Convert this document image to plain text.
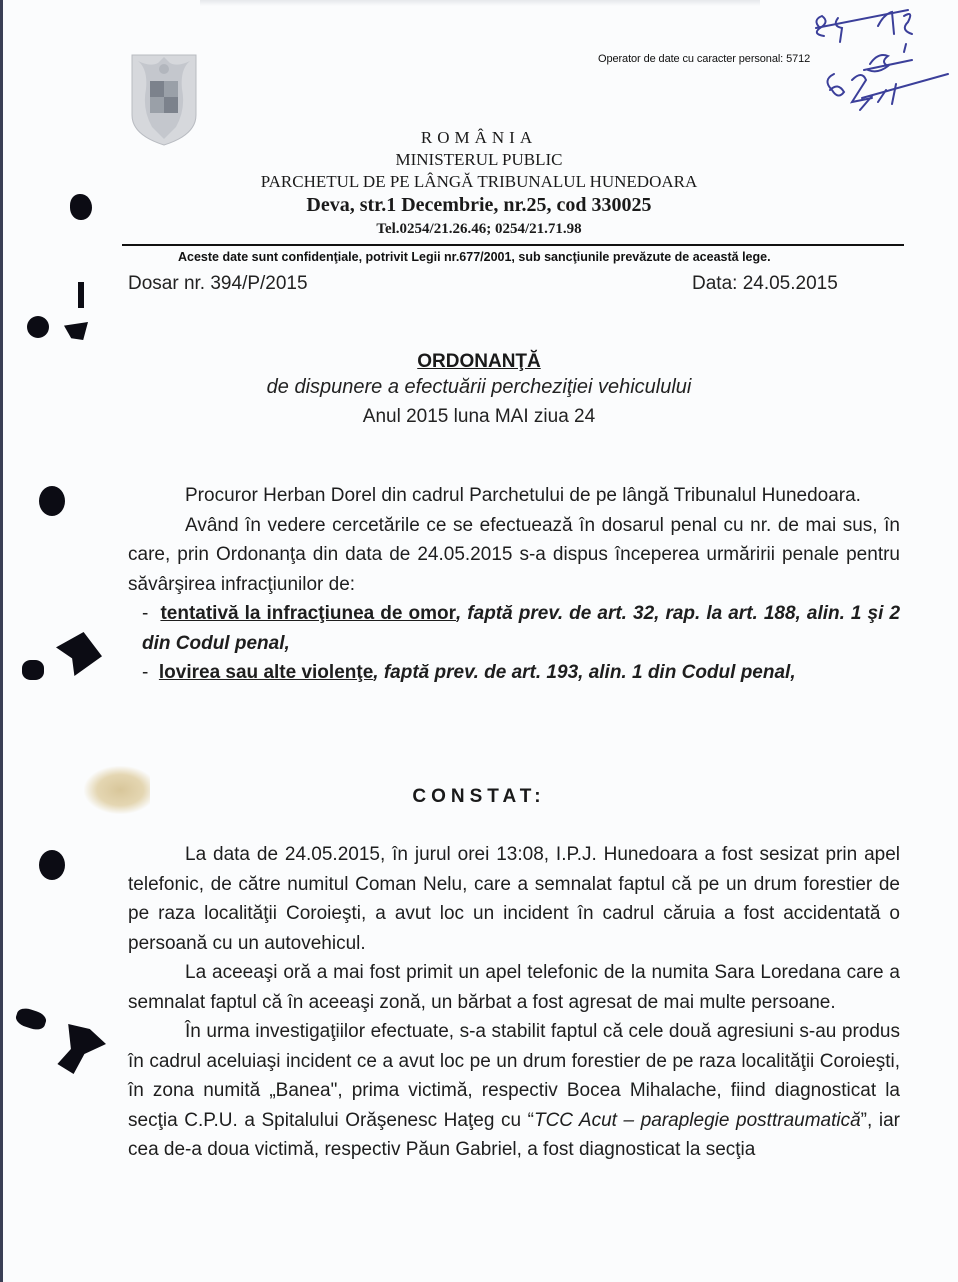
Operator de date cu caracter personal: 5712
ROMÂNIA
MINISTERUL PUBLIC
PARCHETUL DE PE LÂNGĂ TRIBUNALUL HUNEDOARA
Deva, str.1 Decembrie, nr.25, cod 330025
Tel.0254/21.26.46; 0254/21.71.98
Aceste date sunt confidenţiale, potrivit Legii nr.677/2001, sub sancţiunile prevăzute de această lege.
Dosar nr. 394/P/2015	Data: 24.05.2015
ORDONANŢĂ
de dispunere a efectuării percheziţiei vehiculului
Anul 2015 luna MAI ziua 24

Procuror Herban Dorel din cadrul Parchetului de pe lângă Tribunalul Hunedoara.

Având în vedere cercetările ce se efectuează în dosarul penal cu nr. de mai sus, în care, prin Ordonanţa din data de 24.05.2015 s-a dispus începerea urmăririi penale pentru săvârşirea infracţiunilor de:

- tentativă la infracţiunea de omor, faptă prev. de art. 32, rap. la art. 188, alin. 1 şi 2 din Codul penal,

- lovirea sau alte violenţe, faptă prev. de art. 193, alin. 1 din Codul penal,

CONSTAT:

La data de 24.05.2015, în jurul orei 13:08, I.P.J. Hunedoara a fost sesizat prin apel telefonic, de către numitul Coman Nelu, care a semnalat faptul că pe un drum forestier de pe raza localităţii Coroieşti, a avut loc un incident în cadrul căruia a fost accidentată o persoană cu un autovehicul.

La aceeaşi oră a mai fost primit un apel telefonic de la numita Sara Loredana care a semnalat faptul că în aceeaşi zonă, un bărbat a fost agresat de mai multe persoane.

În urma investigaţiilor efectuate, s-a stabilit faptul că cele două agresiuni s-au produs în cadrul aceluiaşi incident ce a avut loc pe un drum forestier de pe raza localităţii Coroieşti, în zona numită „Banea", prima victimă, respectiv Bocea Mihalache, fiind diagnosticat la secţia C.P.U. a Spitalului Orăşenesc Haţeg cu “TCC Acut – paraplegie posttraumatică”, iar cea de-a doua victimă, respectiv Păun Gabriel, a fost diagnosticat la secţia
